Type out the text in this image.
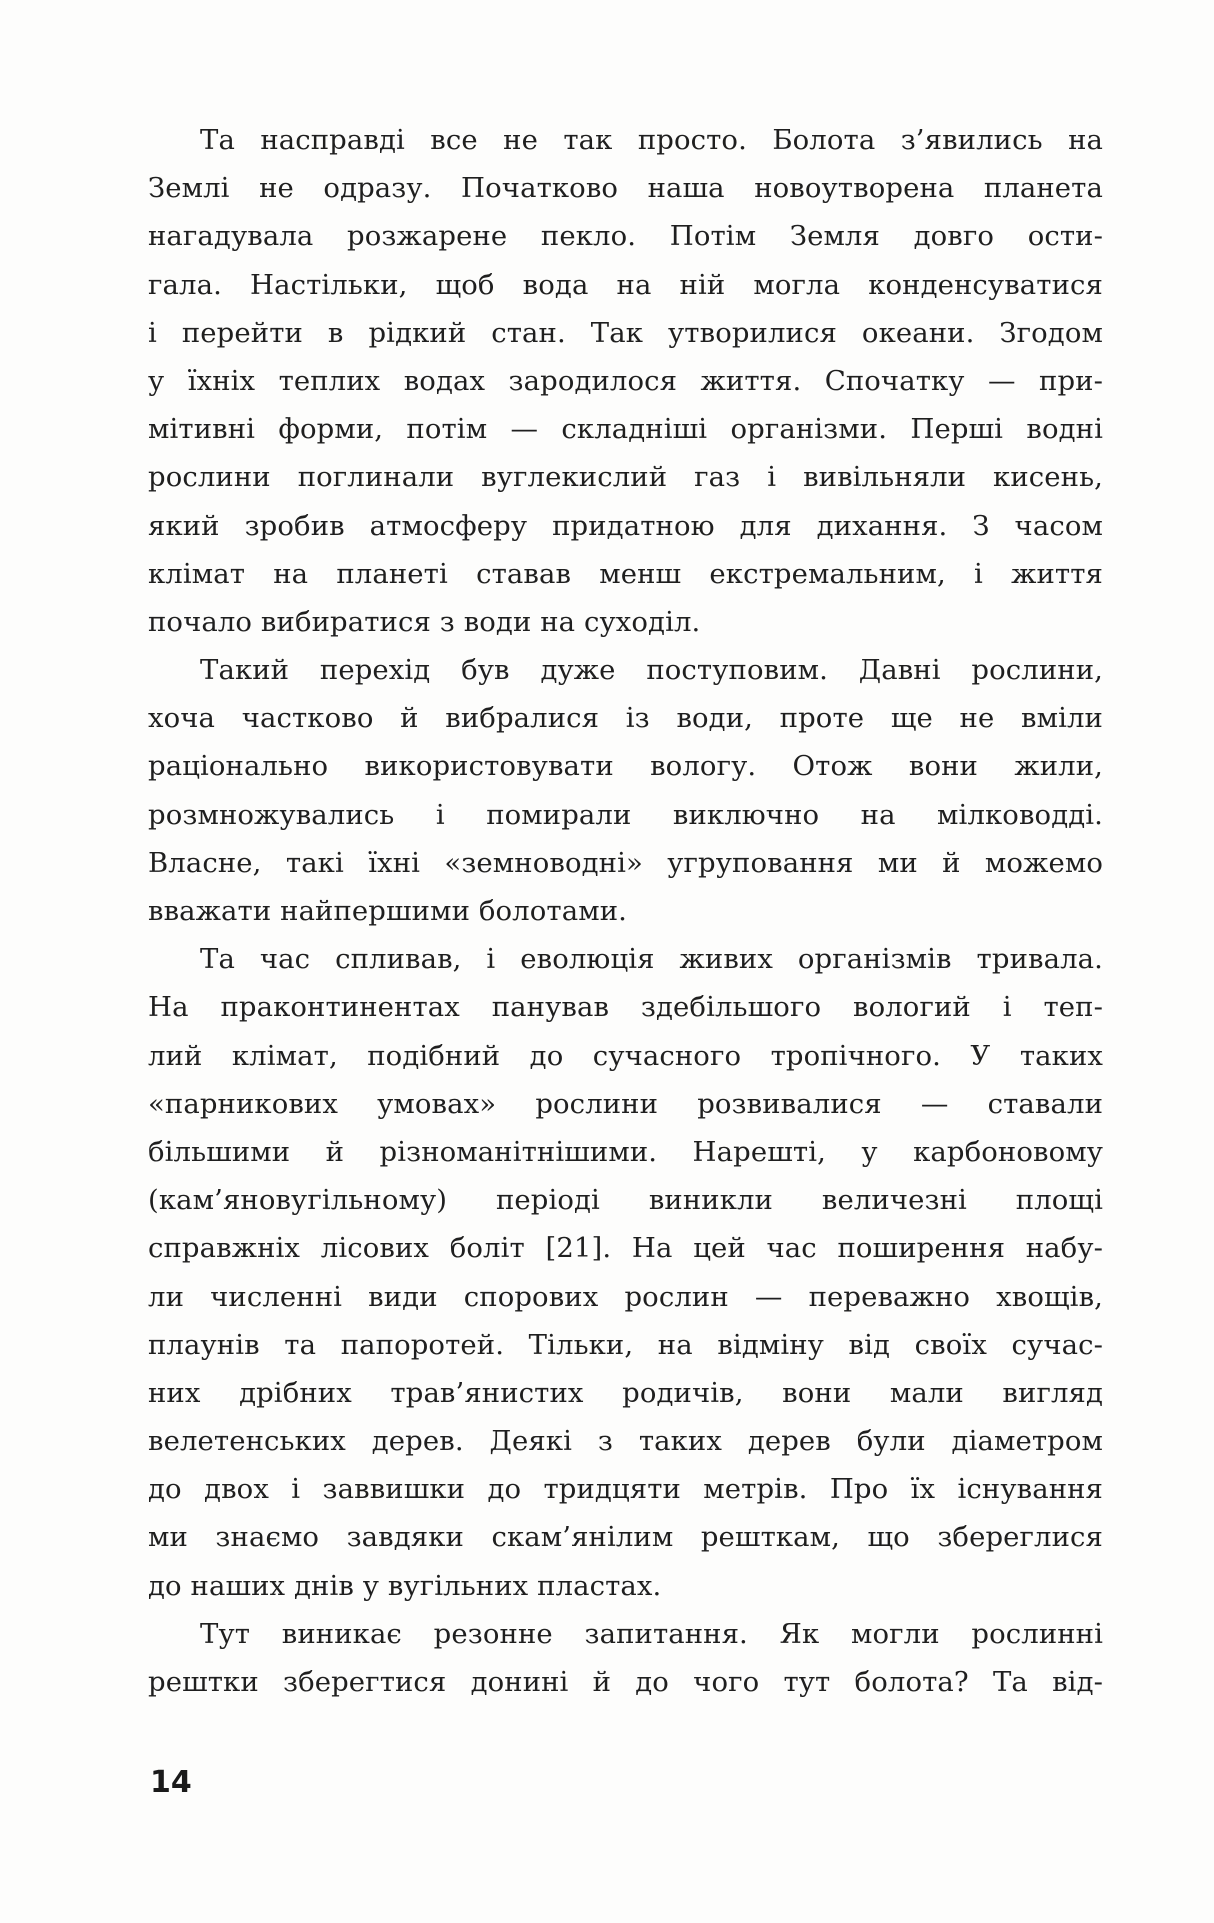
Та насправді все не так просто. Болота з’явились на
Землі не одразу. Початково наша новоутворена планета
нагадувала розжарене пекло. Потім Земля довго ости-
гала. Настільки, щоб вода на ній могла конденсуватися
і перейти в рідкий стан. Так утворилися океани. Згодом
у їхніх теплих водах зародилося життя. Спочатку — при-
мітивні форми, потім — складніші організми. Перші водні
рослини поглинали вуглекислий газ і вивільняли кисень,
який зробив атмосферу придатною для дихання. З часом
клімат на планеті ставав менш екстремальним, і життя
почало вибиратися з води на суходіл.
Такий перехід був дуже поступовим. Давні рослини,
хоча частково й вибралися із води, проте ще не вміли
раціонально використовувати вологу. Отож вони жили,
розмножувались і помирали виключно на мілководді.
Власне, такі їхні «земноводні» угруповання ми й можемо
вважати найпершими болотами.
Та час спливав, і еволюція живих організмів тривала.
На праконтинентах панував здебільшого вологий і теп-
лий клімат, подібний до сучасного тропічного. У таких
«парникових умовах» рослини розвивалися — ставали
більшими й різноманітнішими. Нарешті, у карбоновому
(кам’яновугільному) періоді виникли величезні площі
справжніх лісових боліт [21]. На цей час поширення набу-
ли численні види спорових рослин — переважно хвощів,
плаунів та папоротей. Тільки, на відміну від своїх сучас-
них дрібних трав’янистих родичів, вони мали вигляд
велетенських дерев. Деякі з таких дерев були діаметром
до двох і заввишки до тридцяти метрів. Про їх існування
ми знаємо завдяки скам’янілим решткам, що збереглися
до наших днів у вугільних пластах.
Тут виникає резонне запитання. Як могли рослинні
рештки зберегтися донині й до чого тут болота? Та від-
14
